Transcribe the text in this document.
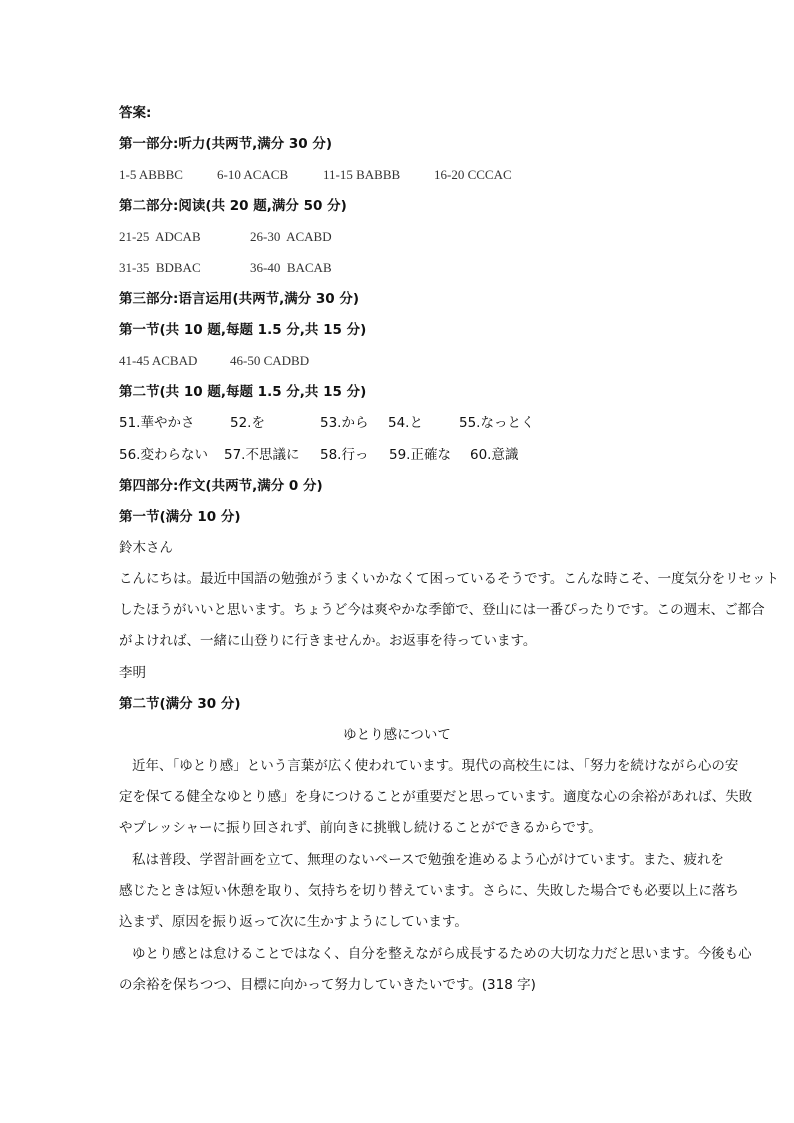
答案:
第一部分:听力(共两节,满分 30 分)
1-5 ABBBC	6-10 ACACB	11-15 BABBB	16-20 CCCAC
第二部分:阅读(共 20 题,满分 50 分)
21-25  ADCAB	26-30  ACABD
31-35  BDBAC	36-40  BACAB
第三部分:语言运用(共两节,满分 30 分)
第一节(共 10 题,每题 1.5 分,共 15 分)
41-45 ACBAD	46-50 CADBD
第二节(共 10 题,每题 1.5 分,共 15 分)
51.華やかさ	52.を	53.から 54.と	55.なっとく
56.変わらない 57.不思議に 58.行っ 59.正確な 60.意識
第四部分:作文(共两节,满分 0 分)
第一节(满分 10 分)
鈴木さん
こんにちは。最近中国語の勉強がうまくいかなくて困っているそうです。こんな時こそ、一度気分をリセット
したほうがいいと思います。ちょうど今は爽やかな季節で、登山には一番ぴったりです。この週末、ご都合
がよければ、一緒に山登りに行きませんか。お返事を待っています。
李明
第二节(满分 30 分)
ゆとり感について
近年、「ゆとり感」という言葉が広く使われています。現代の高校生には、「努力を続けながら心の安
定を保てる健全なゆとり感」を身につけることが重要だと思っています。適度な心の余裕があれば、失敗
やプレッシャーに振り回されず、前向きに挑戦し続けることができるからです。
私は普段、学習計画を立て、無理のないペースで勉強を進めるよう心がけています。また、疲れを
感じたときは短い休憩を取り、気持ちを切り替えています。さらに、失敗した場合でも必要以上に落ち
込まず、原因を振り返って次に生かすようにしています。
ゆとり感とは怠けることではなく、自分を整えながら成長するための大切な力だと思います。今後も心
の余裕を保ちつつ、目標に向かって努力していきたいです。(318 字)
